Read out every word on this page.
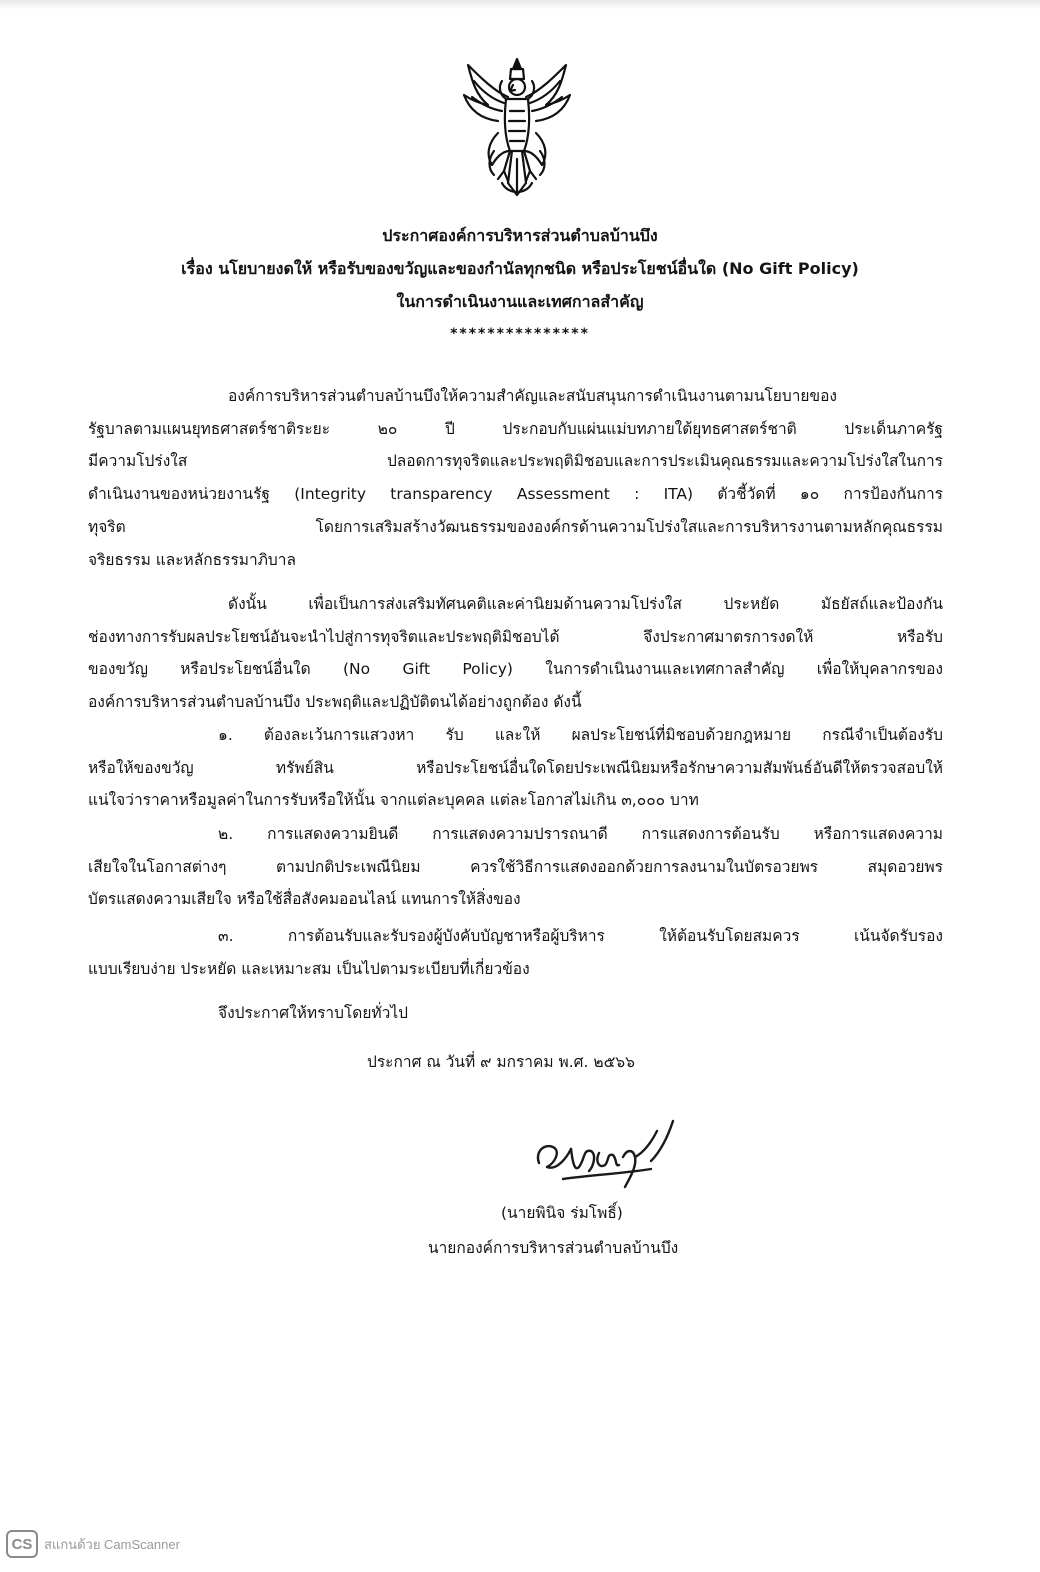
ประกาศองค์การบริหารส่วนตำบลบ้านบึง
เรื่อง นโยบายงดให้ หรือรับของขวัญและของกำนัลทุกชนิด หรือประโยชน์อื่นใด (No Gift Policy)
ในการดำเนินงานและเทศกาลสำคัญ
***************
องค์การบริหารส่วนตำบลบ้านบึงให้ความสำคัญและสนับสนุนการดำเนินงานตามนโยบายของ
รัฐบาลตามแผนยุทธศาสตร์ชาติระยะ ๒๐ ปี ประกอบกับแผ่นแม่บทภายใต้ยุทธศาสตร์ชาติ ประเด็นภาครัฐ
มีความโปร่งใส ปลอดการทุจริตและประพฤติมิชอบและการประเมินคุณธรรมและความโปร่งใสในการ
ดำเนินงานของหน่วยงานรัฐ (Integrity transparency Assessment : ITA) ตัวชี้วัดที่ ๑๐ การป้องกันการ
ทุจริต โดยการเสริมสร้างวัฒนธรรมขององค์กรด้านความโปร่งใสและการบริหารงานตามหลักคุณธรรม
จริยธรรม และหลักธรรมาภิบาล
ดังนั้น เพื่อเป็นการส่งเสริมทัศนคติและค่านิยมด้านความโปร่งใส ประหยัด มัธยัสถ์และป้องกัน
ช่องทางการรับผลประโยชน์อันจะนำไปสู่การทุจริตและประพฤติมิชอบได้ จึงประกาศมาตรการงดให้ หรือรับ
ของขวัญ หรือประโยชน์อื่นใด (No Gift Policy) ในการดำเนินงานและเทศกาลสำคัญ เพื่อให้บุคลากรของ
องค์การบริหารส่วนตำบลบ้านบึง ประพฤติและปฏิบัติตนได้อย่างถูกต้อง ดังนี้
๑. ต้องละเว้นการแสวงหา รับ และให้ ผลประโยชน์ที่มิชอบด้วยกฎหมาย กรณีจำเป็นต้องรับ
หรือให้ของขวัญ ทรัพย์สิน หรือประโยชน์อื่นใดโดยประเพณีนิยมหรือรักษาความสัมพันธ์อันดีให้ตรวจสอบให้
แน่ใจว่าราคาหรือมูลค่าในการรับหรือให้นั้น จากแต่ละบุคคล แต่ละโอกาสไม่เกิน ๓,๐๐๐ บาท
๒. การแสดงความยินดี การแสดงความปรารถนาดี การแสดงการต้อนรับ หรือการแสดงความ
เสียใจในโอกาสต่างๆ ตามปกติประเพณีนิยม ควรใช้วิธีการแสดงออกด้วยการลงนามในบัตรอวยพร สมุดอวยพร
บัตรแสดงความเสียใจ หรือใช้สื่อสังคมออนไลน์ แทนการให้สิ่งของ
๓. การต้อนรับและรับรองผู้บังคับบัญชาหรือผู้บริหาร ให้ต้อนรับโดยสมควร เน้นจัดรับรอง
แบบเรียบง่าย ประหยัด และเหมาะสม เป็นไปตามระเบียบที่เกี่ยวข้อง
จึงประกาศให้ทราบโดยทั่วไป
ประกาศ ณ วันที่ ๙ มกราคม พ.ศ. ๒๕๖๖
(นายพินิจ ร่มโพธิ์)
นายกองค์การบริหารส่วนตำบลบ้านบึง
CS สแกนด้วย CamScanner
